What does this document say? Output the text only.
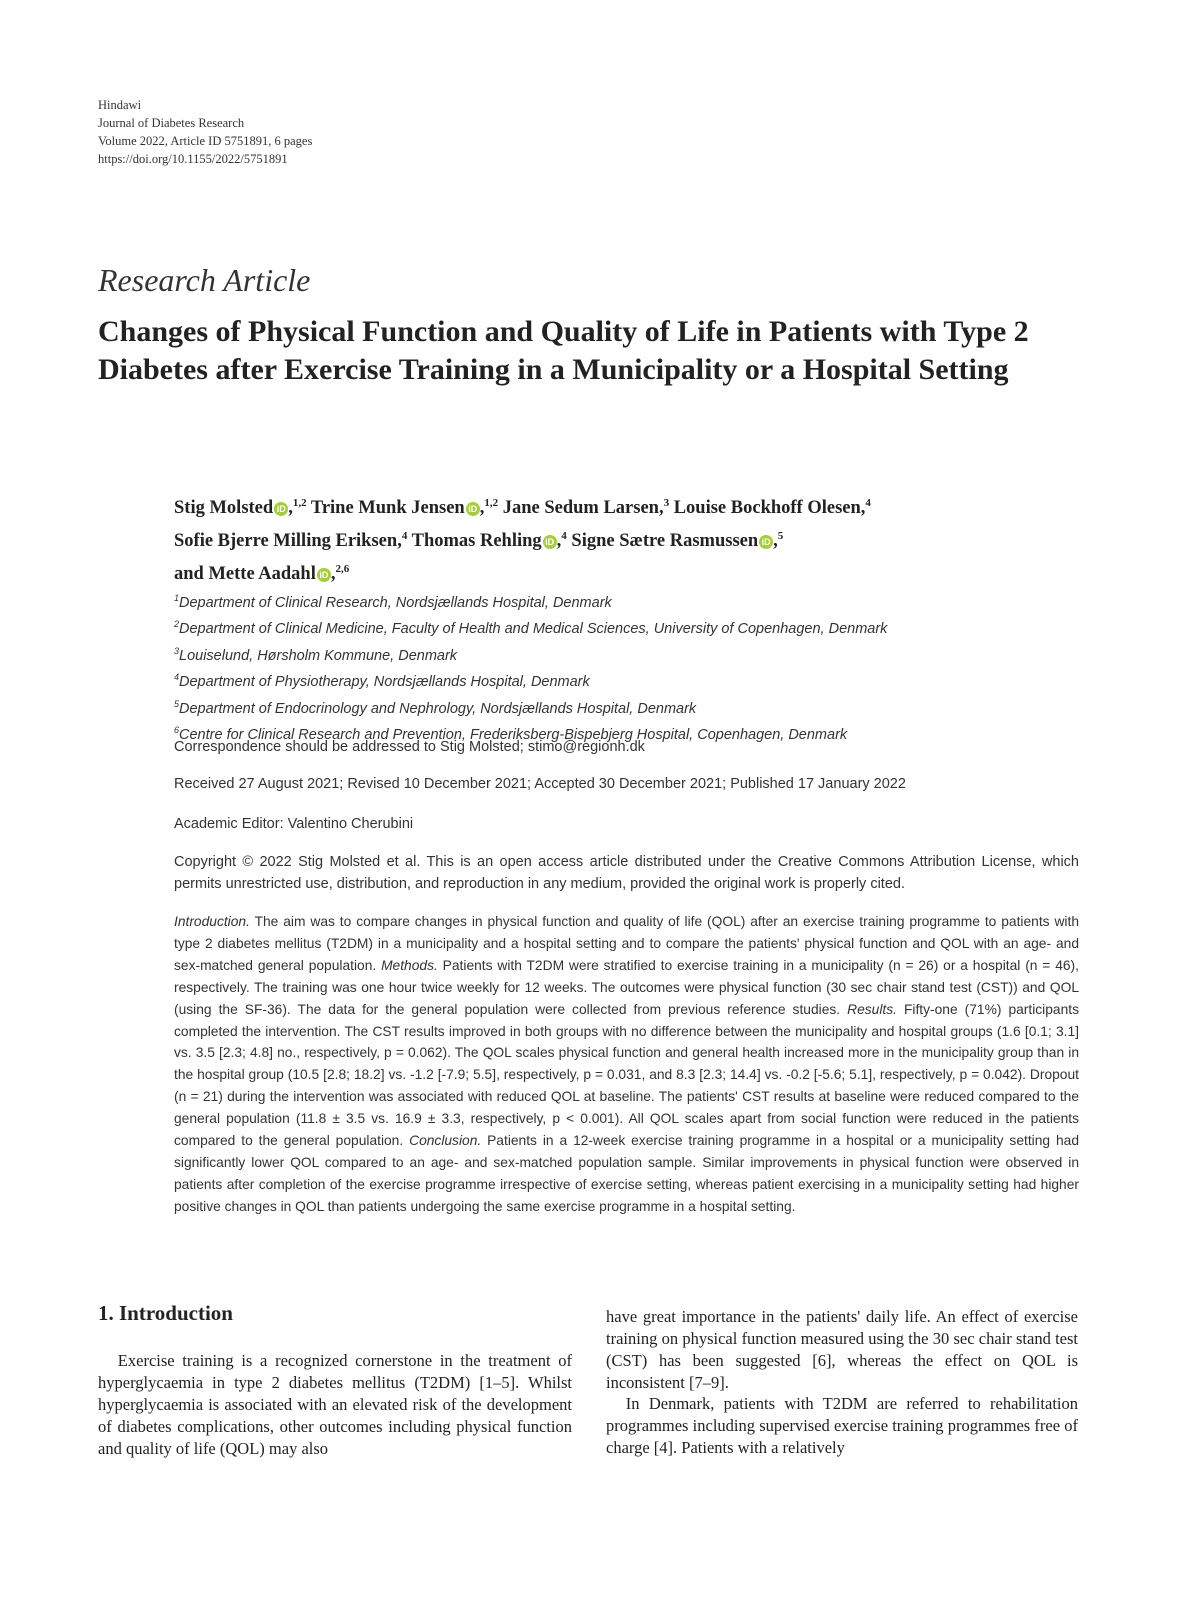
Hindawi
Journal of Diabetes Research
Volume 2022, Article ID 5751891, 6 pages
https://doi.org/10.1155/2022/5751891
Research Article
Changes of Physical Function and Quality of Life in Patients with Type 2 Diabetes after Exercise Training in a Municipality or a Hospital Setting
Stig Molsted iD ,$^{1,2}$ Trine Munk Jensen iD ,$^{1,2}$ Jane Sedum Larsen,$^3$ Louise Bockhoff Olesen,$^4$
Sofie Bjerre Milling Eriksen,$^4$ Thomas Rehling iD ,$^4$ Signe Sætre Rasmussen iD ,$^5$
and Mette Aadahl iD ,$^{2,6}$
$^1$Department of Clinical Research, Nordsjællands Hospital, Denmark
$^2$Department of Clinical Medicine, Faculty of Health and Medical Sciences, University of Copenhagen, Denmark
$^3$Louiselund, Hørsholm Kommune, Denmark
$^4$Department of Physiotherapy, Nordsjællands Hospital, Denmark
$^5$Department of Endocrinology and Nephrology, Nordsjællands Hospital, Denmark
$^6$Centre for Clinical Research and Prevention, Frederiksberg-Bispebjerg Hospital, Copenhagen, Denmark
Correspondence should be addressed to Stig Molsted; stimo@regionh.dk
Received 27 August 2021; Revised 10 December 2021; Accepted 30 December 2021; Published 17 January 2022
Academic Editor: Valentino Cherubini
Copyright © 2022 Stig Molsted et al. This is an open access article distributed under the Creative Commons Attribution License, which permits unrestricted use, distribution, and reproduction in any medium, provided the original work is properly cited.

Introduction. The aim was to compare changes in physical function and quality of life (QOL) after an exercise training programme to patients with type 2 diabetes mellitus (T2DM) in a municipality and a hospital setting and to compare the patients' physical function and QOL with an age- and sex-matched general population. Methods. Patients with T2DM were stratified to exercise training in a municipality (n = 26) or a hospital (n = 46), respectively. The training was one hour twice weekly for 12 weeks. The outcomes were physical function (30 sec chair stand test (CST)) and QOL (using the SF-36). The data for the general population were collected from previous reference studies. Results. Fifty-one (71%) participants completed the intervention. The CST results improved in both groups with no difference between the municipality and hospital groups (1.6 [0.1; 3.1] vs. 3.5 [2.3; 4.8] no., respectively, p = 0.062). The QOL scales physical function and general health increased more in the municipality group than in the hospital group (10.5 [2.8; 18.2] vs. -1.2 [-7.9; 5.5], respectively, p = 0.031, and 8.3 [2.3; 14.4] vs. -0.2 [-5.6; 5.1], respectively, p = 0.042). Dropout (n = 21) during the intervention was associated with reduced QOL at baseline. The patients' CST results at baseline were reduced compared to the general population (11.8 ± 3.5 vs. 16.9 ± 3.3, respectively, p < 0.001). All QOL scales apart from social function were reduced in the patients compared to the general population. Conclusion. Patients in a 12-week exercise training programme in a hospital or a municipality setting had significantly lower QOL compared to an age- and sex-matched population sample. Similar improvements in physical function were observed in patients after completion of the exercise programme irrespective of exercise setting, whereas patient exercising in a municipality setting had higher positive changes in QOL than patients undergoing the same exercise programme in a hospital setting.

1. Introduction

Exercise training is a recognized cornerstone in the treatment of hyperglycaemia in type 2 diabetes mellitus (T2DM) [1–5]. Whilst hyperglycaemia is associated with an elevated risk of the development of diabetes complications, other outcomes including physical function and quality of life (QOL) may also

have great importance in the patients' daily life. An effect of exercise training on physical function measured using the 30 sec chair stand test (CST) has been suggested [6], whereas the effect on QOL is inconsistent [7–9].

In Denmark, patients with T2DM are referred to rehabilitation programmes including supervised exercise training programmes free of charge [4]. Patients with a relatively
